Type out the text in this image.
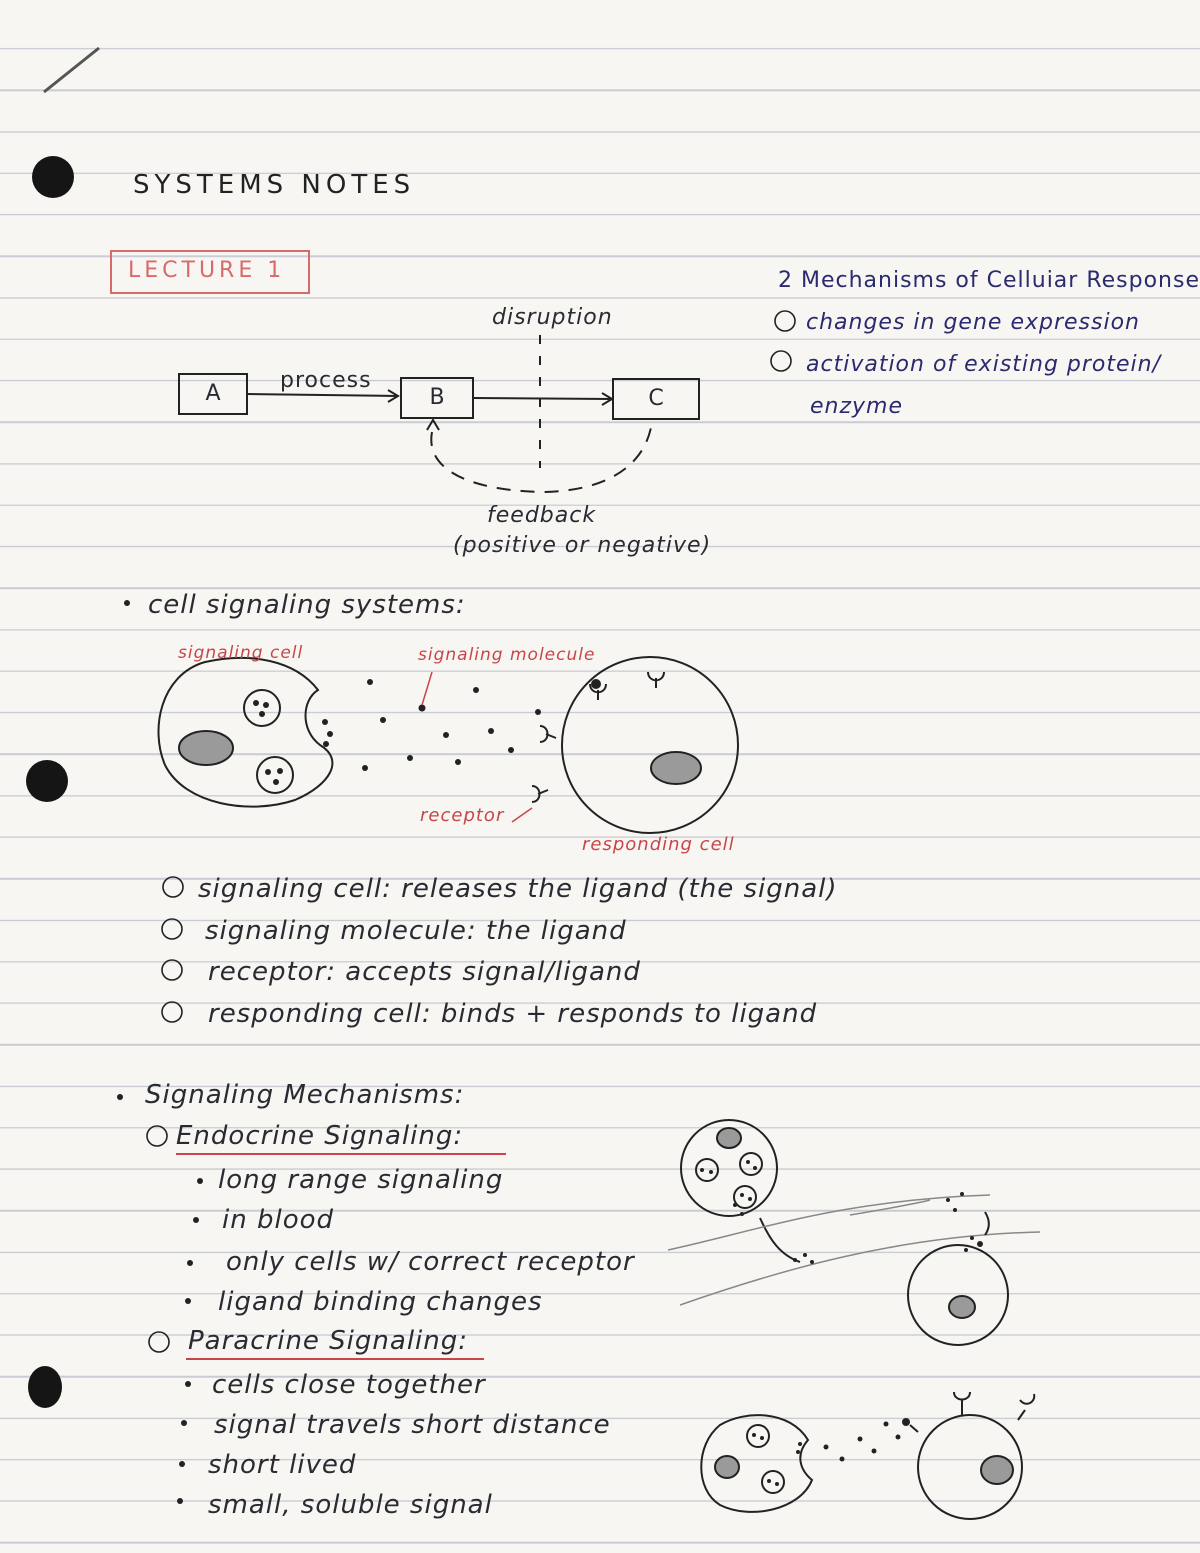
SYSTEMS NOTES
LECTURE 1
A	B	C
process
disruption
feedback
(positive or negative)
2 Mechanisms of Celluiar Response
changes in gene expression
activation of existing protein/
enzyme
cell signaling systems:
signaling cell	signaling molecule
receptor
responding cell
signaling cell: releases the ligand (the signal)
signaling molecule: the ligand
receptor: accepts signal/ligand
responding cell: binds + responds to ligand
Signaling Mechanisms:
Endocrine Signaling:
long range signaling
in blood
only cells w/ correct receptor
ligand binding changes
Paracrine Signaling:
cells close together
signal travels short distance
short lived
small, soluble signal
